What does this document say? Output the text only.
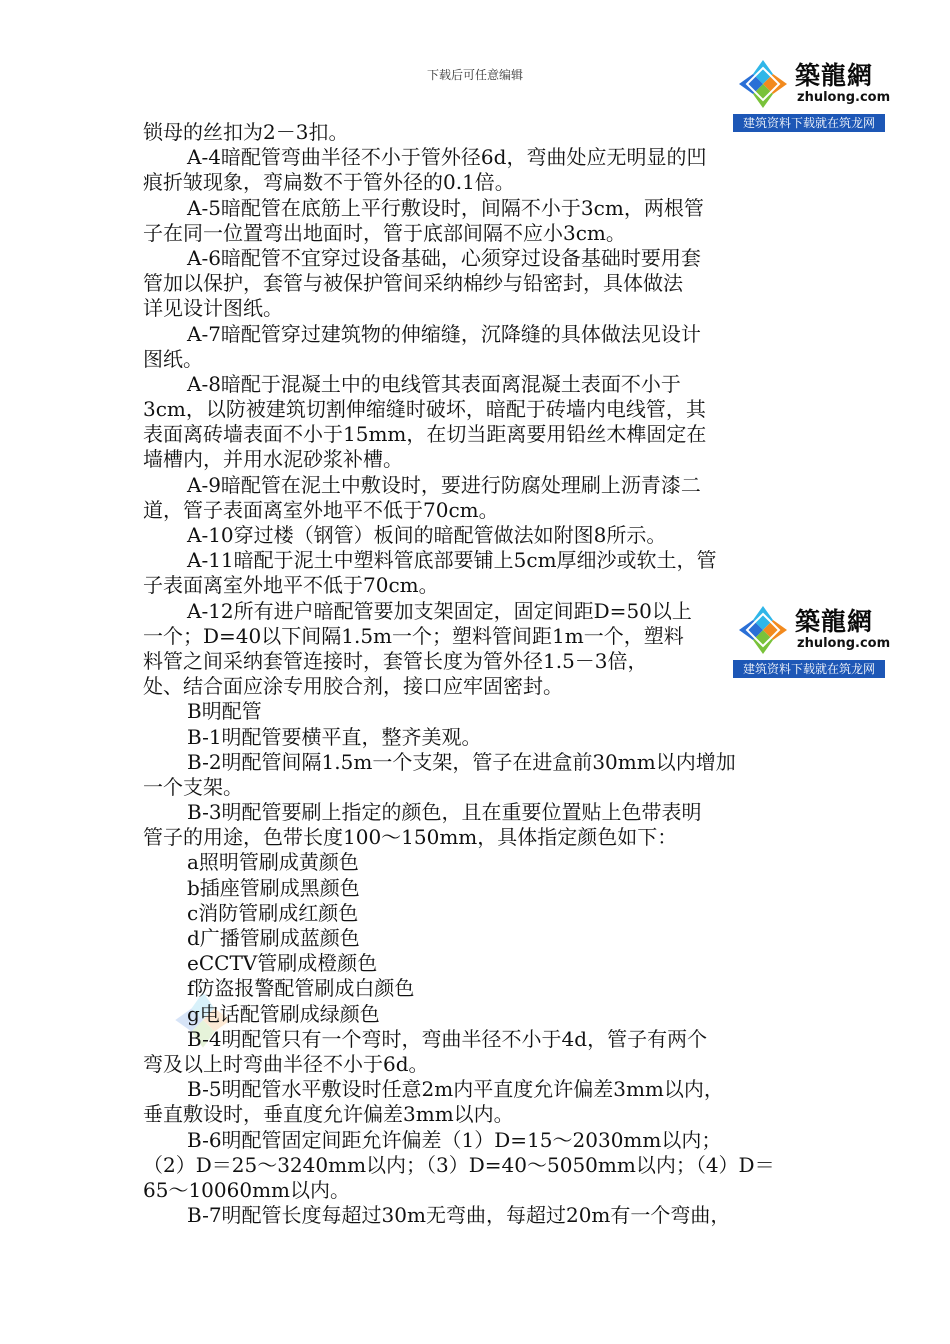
下载后可任意编辑	築龍網
zhulong.com
建筑资料下载就在筑龙网
築龍網
zhulong.com
建筑资料下载就在筑龙网
锁母的丝扣为2－3扣。
A-4暗配管弯曲半径不小于管外径6d，弯曲处应无明显的凹
痕折皱现象，弯扁数不于管外径的0.1倍。
A-5暗配管在底筋上平行敷设时，间隔不小于3cm，两根管
子在同一位置弯出地面时，管于底部间隔不应小3cm。
A-6暗配管不宜穿过设备基础，心须穿过设备基础时要用套
管加以保护，套管与被保护管间采纳棉纱与铅密封，具体做法
详见设计图纸。
A-7暗配管穿过建筑物的伸缩缝，沉降缝的具体做法见设计
图纸。
A-8暗配于混凝土中的电线管其表面离混凝土表面不小于
3cm，以防被建筑切割伸缩缝时破坏，暗配于砖墙内电线管，其
表面离砖墙表面不小于15mm，在切当距离要用铅丝木榫固定在
墙槽内，并用水泥砂浆补槽。
A-9暗配管在泥土中敷设时，要进行防腐处理刷上沥青漆二
道，管子表面离室外地平不低于70cm。
A-10穿过楼（钢管）板间的暗配管做法如附图8所示。
A-11暗配于泥土中塑料管底部要铺上5cm厚细沙或软土，管
子表面离室外地平不低于70cm。
A-12所有进户暗配管要加支架固定，固定间距D=50以上
一个；D=40以下间隔1.5m一个；塑料管间距1m一个，塑料
料管之间采纳套管连接时，套管长度为管外径1.5－3倍，
处、结合面应涂专用胶合剂，接口应牢固密封。
B明配管
B-1明配管要横平直，整齐美观。
B-2明配管间隔1.5m一个支架，管子在进盒前30mm以内增加
一个支架。
B-3明配管要刷上指定的颜色，且在重要位置贴上色带表明
管子的用途，色带长度100～150mm，具体指定颜色如下：
a照明管刷成黄颜色
b插座管刷成黑颜色
c消防管刷成红颜色
d广播管刷成蓝颜色
eCCTV管刷成橙颜色
f防盗报警配管刷成白颜色
g电话配管刷成绿颜色
B-4明配管只有一个弯时，弯曲半径不小于4d，管子有两个
弯及以上时弯曲半径不小于6d。
B-5明配管水平敷设时任意2m内平直度允许偏差3mm以内，
垂直敷设时，垂直度允许偏差3mm以内。
B-6明配管固定间距允许偏差（1）D=15～2030mm以内；
（2）D＝25～3240mm以内；（3）D=40～5050mm以内；（4）D＝
65～10060mm以内。
B-7明配管长度每超过30m无弯曲，每超过20m有一个弯曲，
